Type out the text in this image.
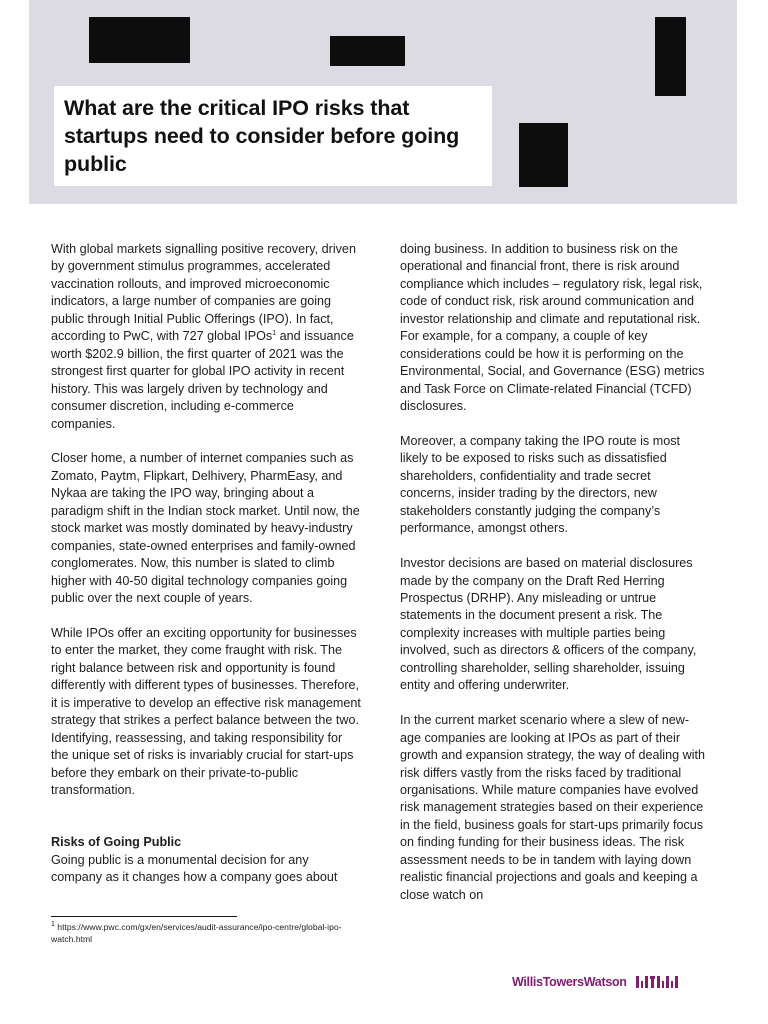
What are the critical IPO risks that startups need to consider before going public

With global markets signalling positive recovery, driven by government stimulus programmes, accelerated vaccination rollouts, and improved microeconomic indicators, a large number of companies are going public through Initial Public Offerings (IPO). In fact, according to PwC, with 727 global IPOs$^1$ and issuance worth $202.9 billion, the first quarter of 2021 was the strongest first quarter for global IPO activity in recent history. This was largely driven by technology and consumer discretion, including e-commerce companies.

Closer home, a number of internet companies such as Zomato, Paytm, Flipkart, Delhivery, PharmEasy, and Nykaa are taking the IPO way, bringing about a paradigm shift in the Indian stock market. Until now, the stock market was mostly dominated by heavy-industry companies, state-owned enterprises and family-owned conglomerates. Now, this number is slated to climb higher with 40-50 digital technology companies going public over the next couple of years.

While IPOs offer an exciting opportunity for businesses to enter the market, they come fraught with risk. The right balance between risk and opportunity is found differently with different types of businesses. Therefore, it is imperative to develop an effective risk management strategy that strikes a perfect balance between the two. Identifying, reassessing, and taking responsibility for the unique set of risks is invariably crucial for start-ups before they embark on their private-to-public transformation.

Risks of Going Public

Going public is a monumental decision for any company as it changes how a company goes about

doing business. In addition to business risk on the operational and financial front, there is risk around compliance which includes – regulatory risk, legal risk, code of conduct risk, risk around communication and investor relationship and climate and reputational risk. For example, for a company, a couple of key considerations could be how it is performing on the Environmental, Social, and Governance (ESG) metrics and Task Force on Climate-related Financial (TCFD) disclosures.

Moreover, a company taking the IPO route is most likely to be exposed to risks such as dissatisfied shareholders, confidentiality and trade secret concerns, insider trading by the directors, new stakeholders constantly judging the company’s performance, amongst others.

Investor decisions are based on material disclosures made by the company on the Draft Red Herring Prospectus (DRHP). Any misleading or untrue statements in the document present a risk. The complexity increases with multiple parties being involved, such as directors & officers of the company, controlling shareholder, selling shareholder, issuing entity and offering underwriter.

In the current market scenario where a slew of new-age companies are looking at IPOs as part of their growth and expansion strategy, the way of dealing with risk differs vastly from the risks faced by traditional organisations. While mature companies have evolved risk management strategies based on their experience in the field, business goals for start-ups primarily focus on finding funding for their business ideas. The risk assessment needs to be in tandem with laying down realistic financial projections and goals and keeping a close watch on

$^1$ https://www.pwc.com/gx/en/services/audit-assurance/ipo-centre/global-ipo-watch.html
WillisTowersWatson
